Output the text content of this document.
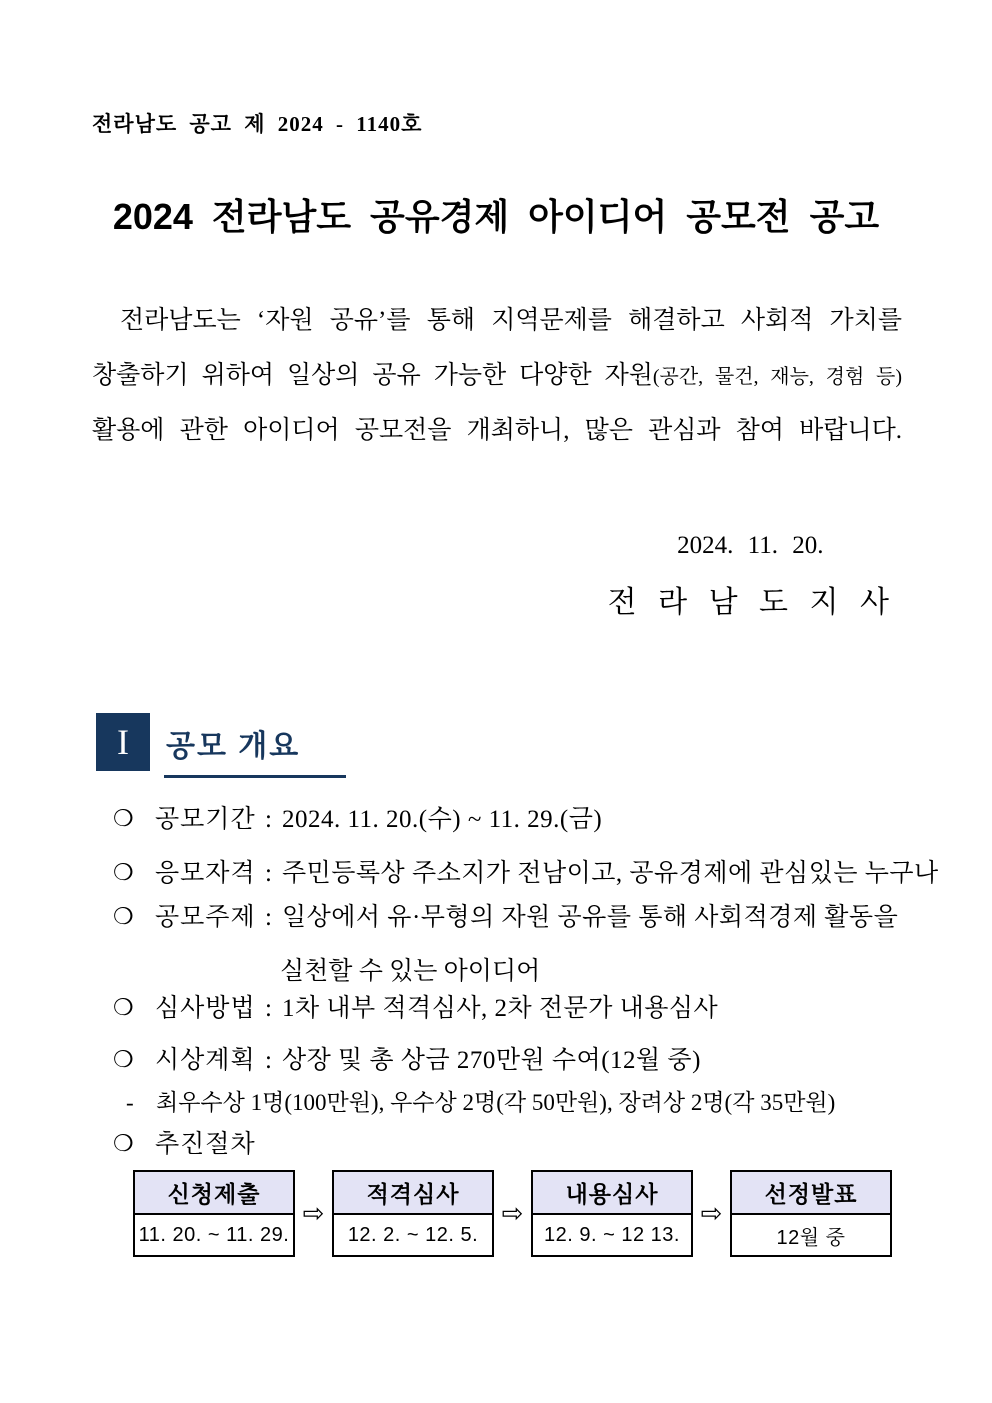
전라남도 공고 제 2024 - 1140호
2024 전라남도 공유경제 아이디어 공모전 공고
전라남도는 ‘자원 공유’를 통해 지역문제를 해결하고 사회적 가치를
창출하기 위하여 일상의 공유 가능한 다양한 자원(공간, 물건, 재능, 경험 등)
활용에 관한 아이디어 공모전을 개최하니, 많은 관심과 참여 바랍니다.
2024. 11. 20.
전 라 남 도 지 사
I	공모 개요
❍ 공모기간 : 2024. 11. 20.(수) ~ 11. 29.(금)
❍ 응모자격 : 주민등록상 주소지가 전남이고, 공유경제에 관심있는 누구나
❍ 공모주제 : 일상에서 유·무형의 자원 공유를 통해 사회적경제 활동을
실천할 수 있는 아이디어
❍ 심사방법 : 1차 내부 적격심사, 2차 전문가 내용심사
❍ 시상계획 : 상장 및 총 상금 270만원 수여(12월 중)
- 최우수상 1명(100만원), 우수상 2명(각 50만원), 장려상 2명(각 35만원)
❍ 추진절차
신청제출
11. 20. ~ 11. 29.
⇨
적격심사
12. 2. ~ 12. 5.
⇨
내용심사
12. 9. ~ 12 13.
⇨
선정발표
12월 중
